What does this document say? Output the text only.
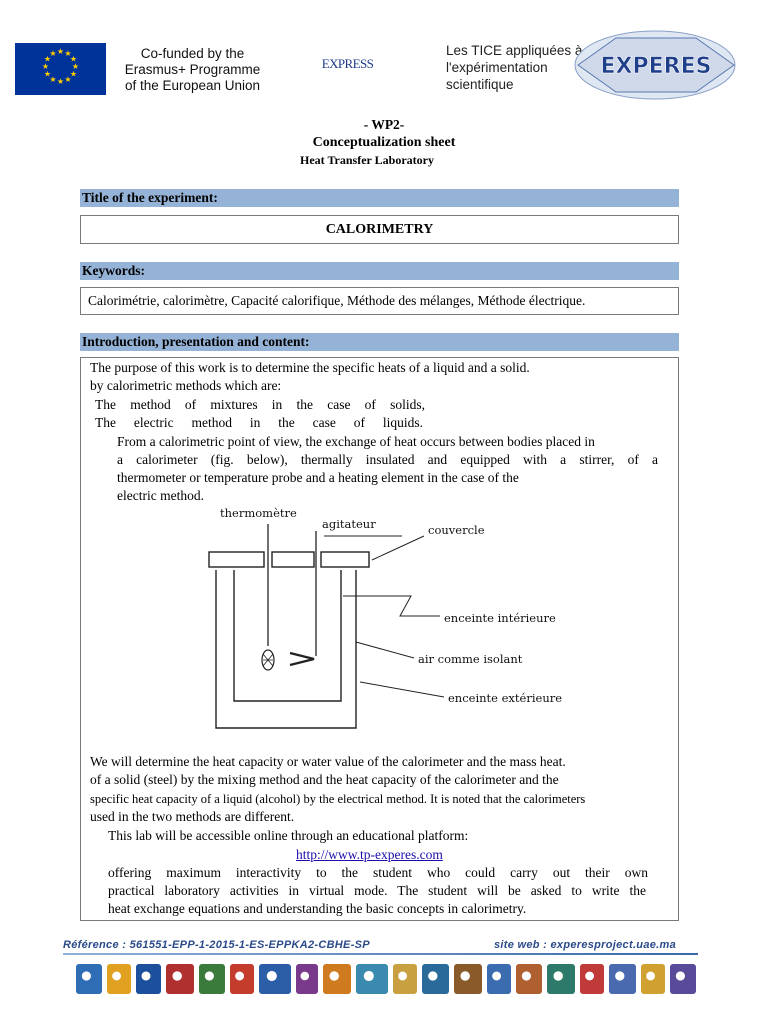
★ ★
★
★
★
★
★
★
★
★
★
★	Co-funded by the
Erasmus+ Programme
of the European Union
EXPRESS
Les TICE appliquées à
l'expérimentation
scientifique
EXPERES
- WP2-
Conceptualization sheet
Heat Transfer Laboratory
Title of the experiment:
CALORIMETRY
Keywords:
Calorimétrie, calorimètre, Capacité calorifique, Méthode des mélanges, Méthode électrique.
Introduction, presentation and content:
The purpose of this work is to determine the specific heats of a liquid and a solid.
by calorimetric methods which are:
The method of mixtures in the case of solids,
The electric method in the case of liquids.
From a calorimetric point of view, the exchange of heat occurs between bodies placed in
a calorimeter (fig. below), thermally insulated and equipped with a stirrer, of a
thermometer or temperature probe and a heating element in the case of the
electric method.
thermomètre
agitateur	couvercle
enceinte intérieure
air comme isolant
enceinte extérieure
We will determine the heat capacity or water value of the calorimeter and the mass heat.
of a solid (steel) by the mixing method and the heat capacity of the calorimeter and the
specific heat capacity of a liquid (alcohol) by the electrical method. It is noted that the calorimeters
used in the two methods are different.
This lab will be accessible online through an educational platform:
http://www.tp-experes.com
offering maximum interactivity to the student who could carry out their own
practical laboratory activities in virtual mode. The student will be asked to write the
heat exchange equations and understanding the basic concepts in calorimetry.
Référence : 561551-EPP-1-2015-1-ES-EPPKA2-CBHE-SP	site web : experesproject.uae.ma
